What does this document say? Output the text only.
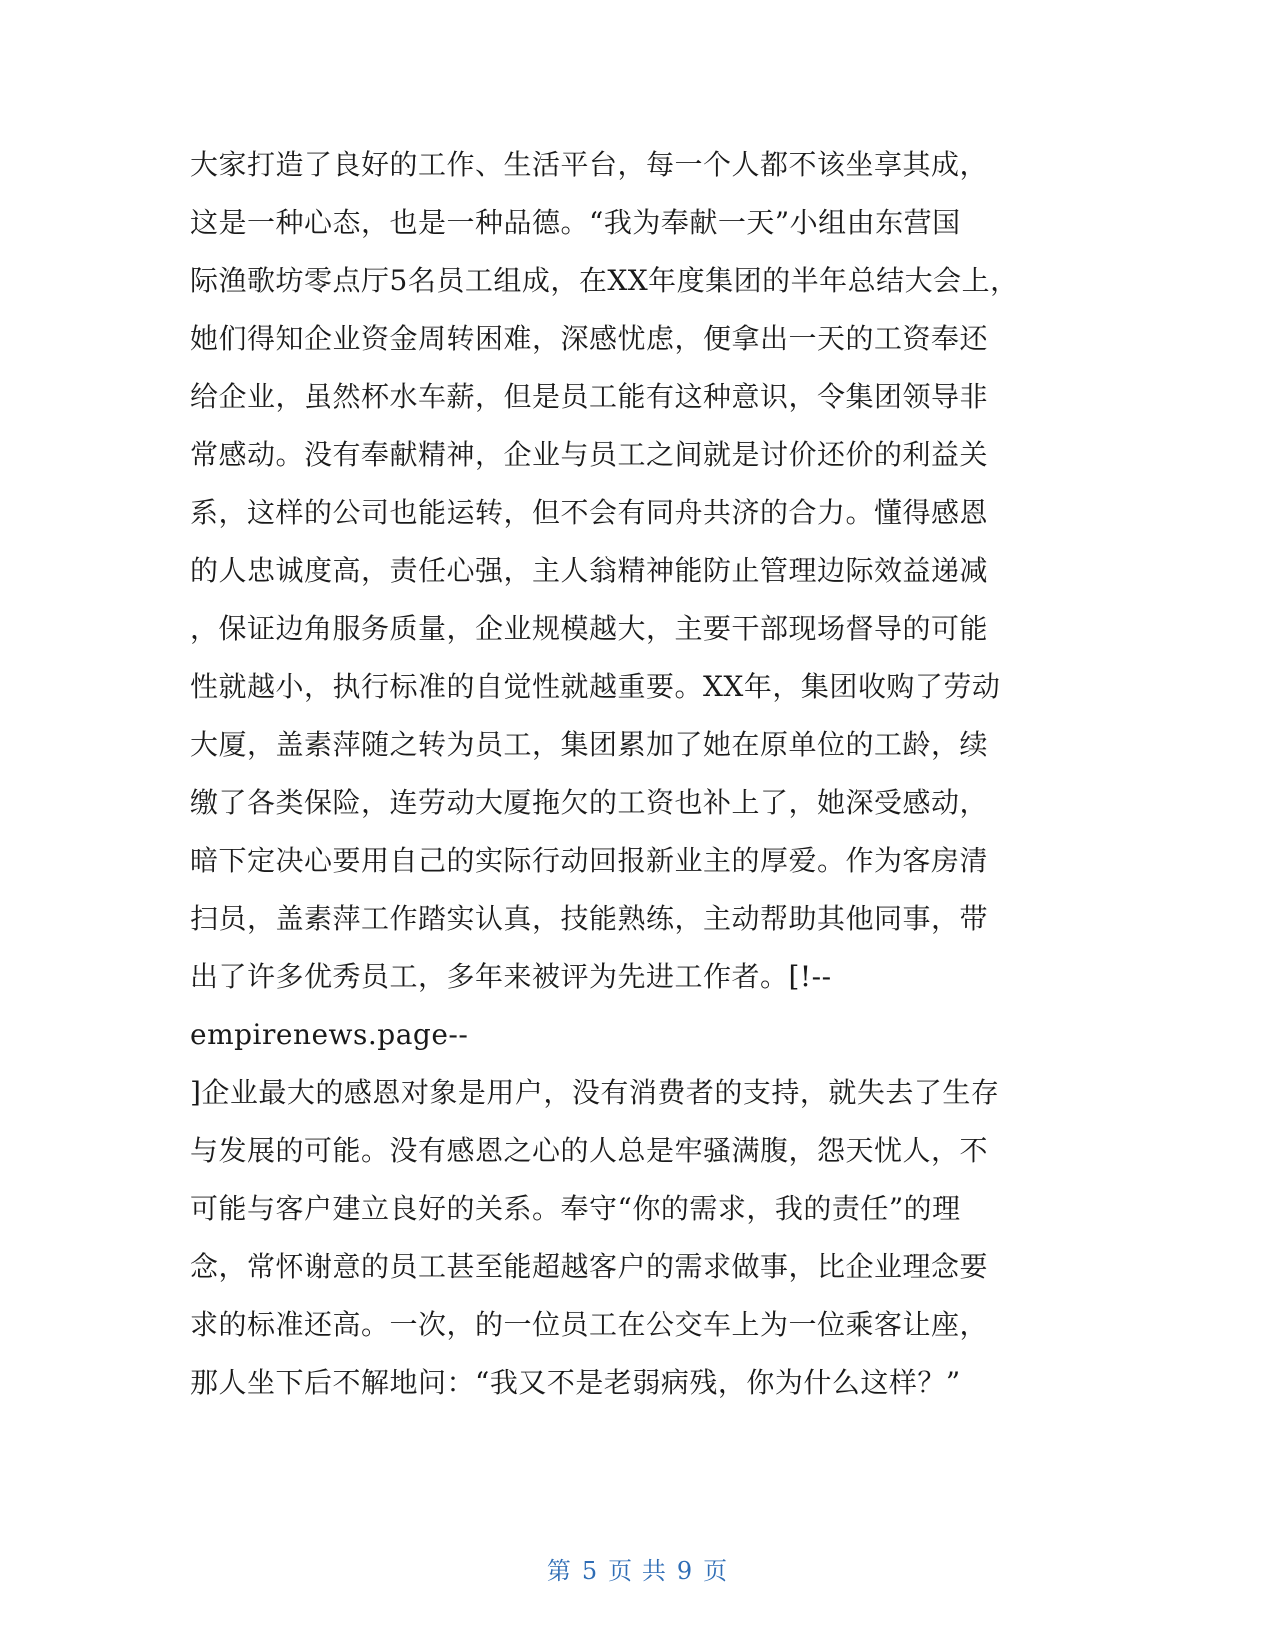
大家打造了良好的工作、生活平台，每一个人都不该坐享其成，
这是一种心态，也是一种品德。“我为奉献一天”小组由东营国
际渔歌坊零点厅5名员工组成，在XX年度集团的半年总结大会上，
她们得知企业资金周转困难，深感忧虑，便拿出一天的工资奉还
给企业，虽然杯水车薪，但是员工能有这种意识，令集团领导非
常感动。没有奉献精神，企业与员工之间就是讨价还价的利益关
系，这样的公司也能运转，但不会有同舟共济的合力。懂得感恩
的人忠诚度高，责任心强，主人翁精神能防止管理边际效益递减
，保证边角服务质量，企业规模越大，主要干部现场督导的可能
性就越小，执行标准的自觉性就越重要。XX年，集团收购了劳动
大厦，盖素萍随之转为员工，集团累加了她在原单位的工龄，续
缴了各类保险，连劳动大厦拖欠的工资也补上了，她深受感动，
暗下定决心要用自己的实际行动回报新业主的厚爱。作为客房清
扫员，盖素萍工作踏实认真，技能熟练，主动帮助其他同事，带
出了许多优秀员工，多年来被评为先进工作者。[!--
empirenews.page--
]企业最大的感恩对象是用户，没有消费者的支持，就失去了生存
与发展的可能。没有感恩之心的人总是牢骚满腹，怨天忧人，不
可能与客户建立良好的关系。奉守“你的需求，我的责任”的理
念，常怀谢意的员工甚至能超越客户的需求做事，比企业理念要
求的标准还高。一次，的一位员工在公交车上为一位乘客让座，
那人坐下后不解地问：“我又不是老弱病残，你为什么这样？”
第 5 页 共 9 页
